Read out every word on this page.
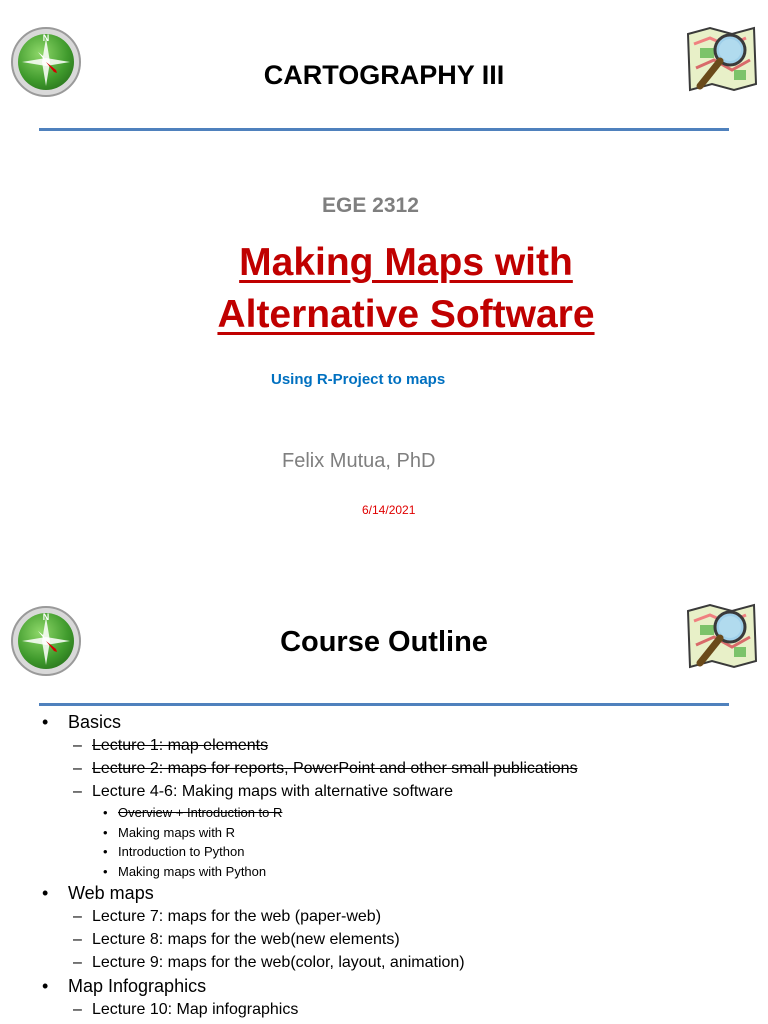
N
CARTOGRAPHY III
EGE 2312
Making Maps with
Alternative Software
Using R-Project to maps
Felix Mutua, PhD
6/14/2021
N
Course Outline
• Basics
– Lecture 1: map elements
– Lecture 2: maps for reports, PowerPoint and other small publications
– Lecture 4-6: Making maps with alternative software
• Overview + Introduction to R
• Making maps with R
• Introduction to Python
• Making maps with Python
• Web maps
– Lecture 7: maps for the web (paper-web)
– Lecture 8: maps for the web(new elements)
– Lecture 9: maps for the web(color, layout, animation)
• Map Infographics
– Lecture 10: Map infographics
